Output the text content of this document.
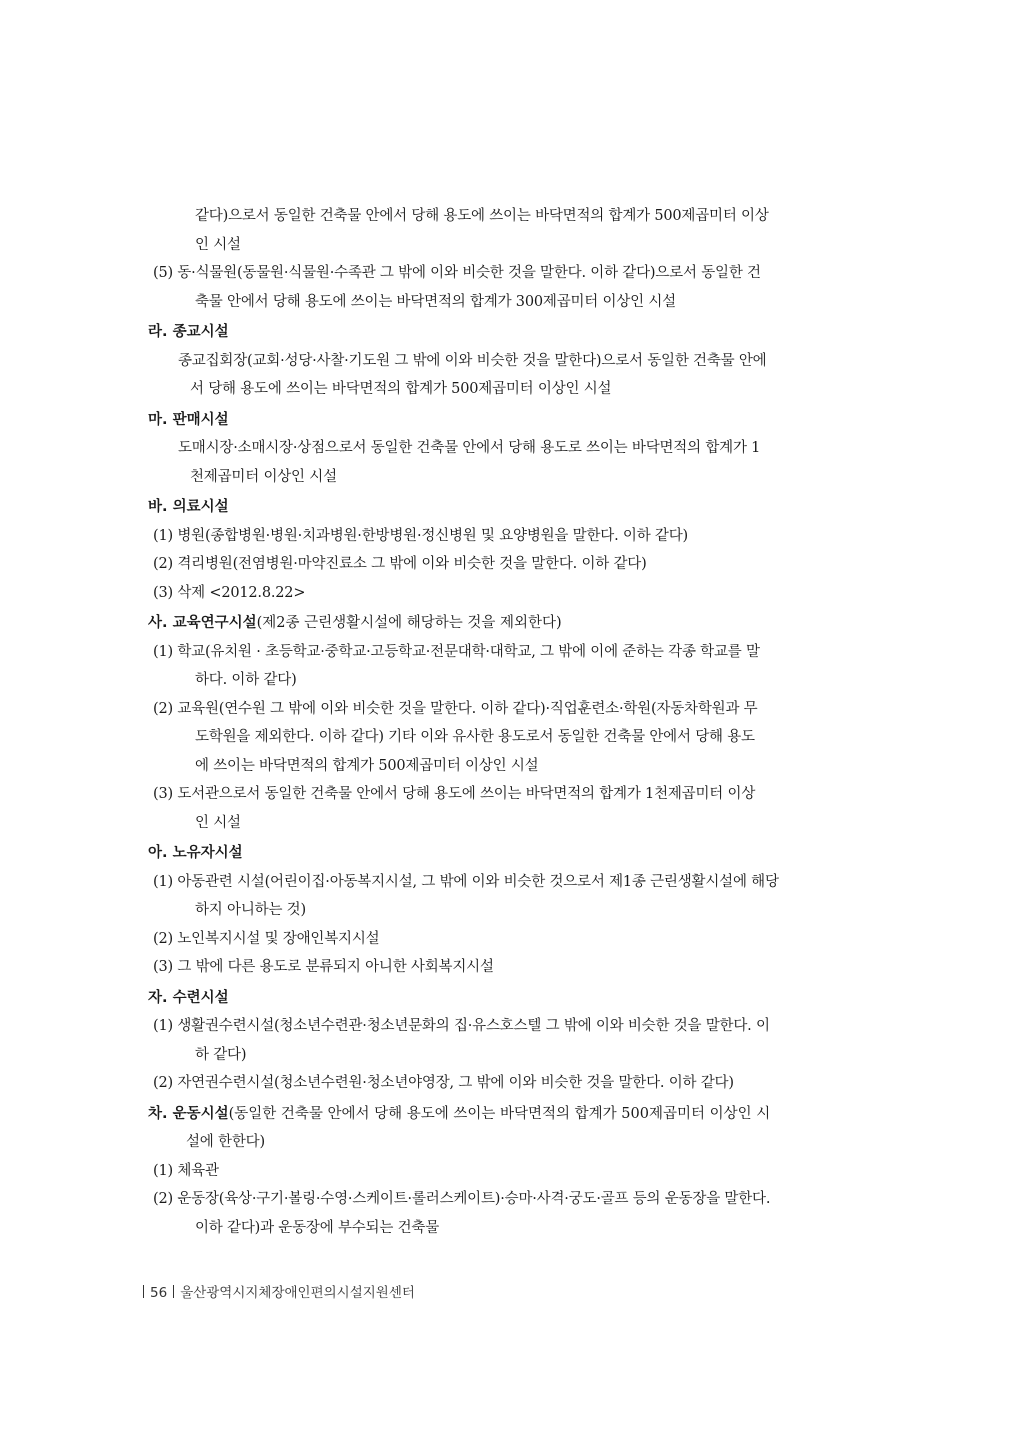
같다)으로서 동일한 건축물 안에서 당해 용도에 쓰이는 바닥면적의 합계가 500제곱미터 이상
인 시설
(5) 동·식물원(동물원·식물원·수족관 그 밖에 이와 비슷한 것을 말한다. 이하 같다)으로서 동일한 건
축물 안에서 당해 용도에 쓰이는 바닥면적의 합계가 300제곱미터 이상인 시설
라. 종교시설
종교집회장(교회·성당·사찰·기도원 그 밖에 이와 비슷한 것을 말한다)으로서 동일한 건축물 안에
서 당해 용도에 쓰이는 바닥면적의 합계가 500제곱미터 이상인 시설
마. 판매시설
도매시장·소매시장·상점으로서 동일한 건축물 안에서 당해 용도로 쓰이는 바닥면적의 합계가 1
천제곱미터 이상인 시설
바. 의료시설
(1) 병원(종합병원·병원·치과병원·한방병원·정신병원 및 요양병원을 말한다. 이하 같다)
(2) 격리병원(전염병원·마약진료소 그 밖에 이와 비슷한 것을 말한다. 이하 같다)
(3) 삭제 <2012.8.22>
사. 교육연구시설(제2종 근린생활시설에 해당하는 것을 제외한다)
(1) 학교(유치원 · 초등학교·중학교·고등학교·전문대학·대학교, 그 밖에 이에 준하는 각종 학교를 말
하다. 이하 같다)
(2) 교육원(연수원 그 밖에 이와 비슷한 것을 말한다. 이하 같다)·직업훈련소·학원(자동차학원과 무
도학원을 제외한다. 이하 같다) 기타 이와 유사한 용도로서 동일한 건축물 안에서 당해 용도
에 쓰이는 바닥면적의 합계가 500제곱미터 이상인 시설
(3) 도서관으로서 동일한 건축물 안에서 당해 용도에 쓰이는 바닥면적의 합계가 1천제곱미터 이상
인 시설
아. 노유자시설
(1) 아동관련 시설(어린이집·아동복지시설, 그 밖에 이와 비슷한 것으로서 제1종 근린생활시설에 해당
하지 아니하는 것)
(2) 노인복지시설 및 장애인복지시설
(3) 그 밖에 다른 용도로 분류되지 아니한 사회복지시설
자. 수련시설
(1) 생활권수련시설(청소년수련관·청소년문화의 집·유스호스텔 그 밖에 이와 비슷한 것을 말한다. 이
하 같다)
(2) 자연권수련시설(청소년수련원·청소년야영장, 그 밖에 이와 비슷한 것을 말한다. 이하 같다)
차. 운동시설(동일한 건축물 안에서 당해 용도에 쓰이는 바닥면적의 합계가 500제곱미터 이상인 시
설에 한한다)
(1) 체육관
(2) 운동장(육상·구기·볼링·수영·스케이트·롤러스케이트)·승마·사격·궁도·골프 등의 운동장을 말한다.
이하 같다)과 운동장에 부수되는 건축물
56 울산광역시지체장애인편의시설지원센터
